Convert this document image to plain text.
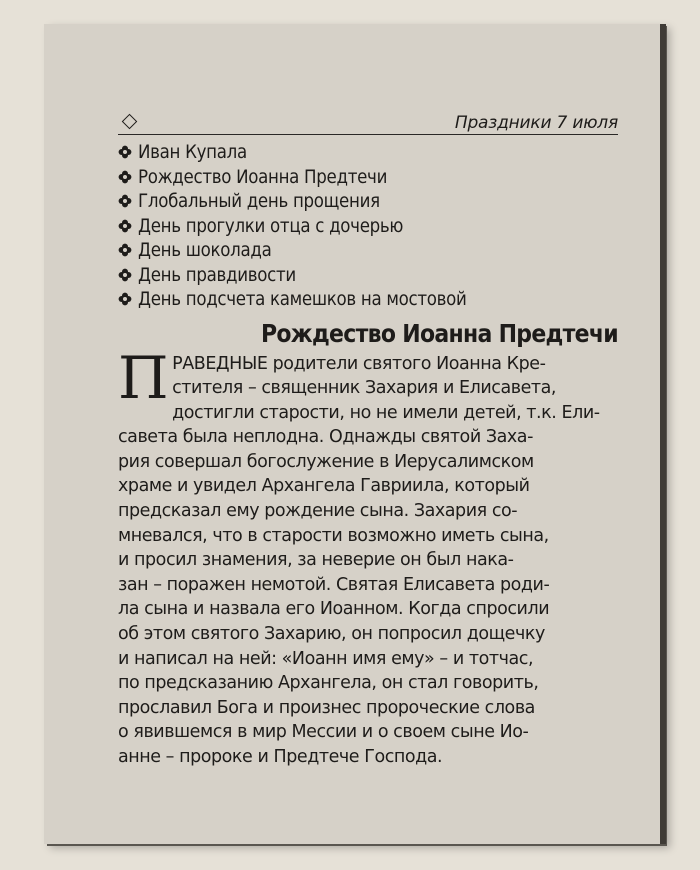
Праздники 7 июля
Иван Купала
Рождество Иоанна Предтечи
Глобальный день прощения
День прогулки отца с дочерью
День шоколада
День правдивости
День подсчета камешков на мостовой
Рождество Иоанна Предтечи
П РАВЕДНЫЕ родители святого Иоанна Кре-
стителя – священник Захария и Елисавета,
достигли старости, но не имели детей, т.к. Ели-
савета была неплодна. Однажды святой Заха-
рия совершал богослужение в Иерусалимском
храме и увидел Архангела Гавриила, который
предсказал ему рождение сына. Захария со-
мневался, что в старости возможно иметь сына,
и просил знамения, за неверие он был нака-
зан – поражен немотой. Святая Елисавета роди-
ла сына и назвала его Иоанном. Когда спросили
об этом святого Захарию, он попросил дощечку
и написал на ней: «Иоанн имя ему» – и тотчас,
по предсказанию Архангела, он стал говорить,
прославил Бога и произнес пророческие слова
о явившемся в мир Мессии и о своем сыне Ио-
анне – пророке и Предтече Господа.
